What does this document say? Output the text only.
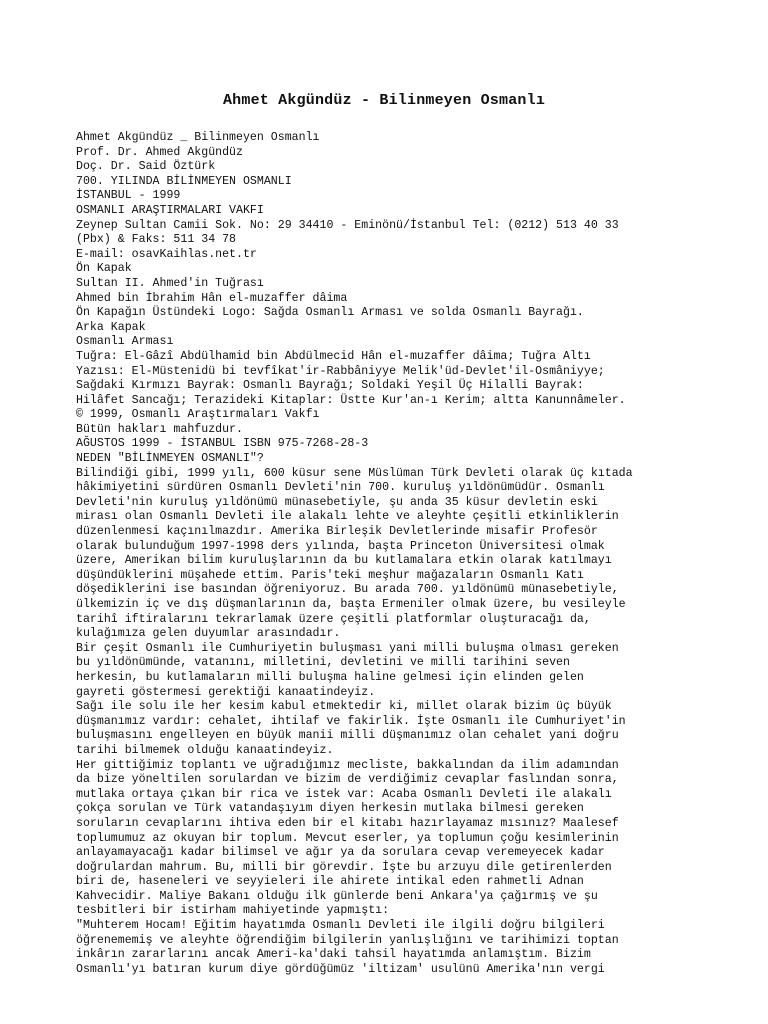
Ahmet Akgündüz - Bilinmeyen Osmanlı
Ahmet Akgündüz _ Bilinmeyen Osmanlı
Prof. Dr. Ahmed Akgündüz
Doç. Dr. Said Öztürk
700. YILINDA BİLİNMEYEN OSMANLI
İSTANBUL - 1999
OSMANLI ARAŞTIRMALARI VAKFI
Zeynep Sultan Camii Sok. No: 29 34410 - Eminönü/İstanbul Tel: (0212) 513 40 33
(Pbx) & Faks: 511 34 78
E-mail: osavKaihlas.net.tr
Ön Kapak
Sultan II. Ahmed'in Tuğrası
Ahmed bin İbrahim Hân el-muzaffer dâima
Ön Kapağın Üstündeki Logo: Sağda Osmanlı Arması ve solda Osmanlı Bayrağı.
Arka Kapak
Osmanlı Arması
Tuğra: El-Gâzî Abdülhamid bin Abdülmecid Hân el-muzaffer dâima; Tuğra Altı
Yazısı: El-Müstenidü bi tevfîkat'ir-Rabbâniyye Melik'üd-Devlet'il-Osmâniyye;
Sağdaki Kırmızı Bayrak: Osmanlı Bayrağı; Soldaki Yeşil Üç Hilalli Bayrak:
Hilâfet Sancağı; Terazideki Kitaplar: Üstte Kur'an-ı Kerim; altta Kanunnâmeler.
© 1999, Osmanlı Araştırmaları Vakfı
Bütün hakları mahfuzdur.
AĞUSTOS 1999 - İSTANBUL ISBN 975-7268-28-3
NEDEN "BİLİNMEYEN OSMANLI"?
Bilindiği gibi, 1999 yılı, 600 küsur sene Müslüman Türk Devleti olarak üç kıtada
hâkimiyetini sürdüren Osmanlı Devleti'nin 700. kuruluş yıldönümüdür. Osmanlı
Devleti'nin kuruluş yıldönümü münasebetiyle, şu anda 35 küsur devletin eski
mirası olan Osmanlı Devleti ile alakalı lehte ve aleyhte çeşitli etkinliklerin
düzenlenmesi kaçınılmazdır. Amerika Birleşik Devletlerinde misafir Profesör
olarak bulunduğum 1997-1998 ders yılında, başta Princeton Üniversitesi olmak
üzere, Amerikan bilim kuruluşlarının da bu kutlamalara etkin olarak katılmayı
düşündüklerini müşahede ettim. Paris'teki meşhur mağazaların Osmanlı Katı
döşediklerini ise basından öğreniyoruz. Bu arada 700. yıldönümü münasebetiyle,
ülkemizin iç ve dış düşmanlarının da, başta Ermeniler olmak üzere, bu vesileyle
tarihî iftiralarını tekrarlamak üzere çeşitli platformlar oluşturacağı da,
kulağımıza gelen duyumlar arasındadır.
Bir çeşit Osmanlı ile Cumhuriyetin buluşması yani milli buluşma olması gereken
bu yıldönümünde, vatanını, milletini, devletini ve milli tarihini seven
herkesin, bu kutlamaların milli buluşma haline gelmesi için elinden gelen
gayreti göstermesi gerektiği kanaatindeyiz.
Sağı ile solu ile her kesim kabul etmektedir ki, millet olarak bizim üç büyük
düşmanımız vardır: cehalet, ihtilaf ve fakirlik. İşte Osmanlı ile Cumhuriyet'in
buluşmasını engelleyen en büyük manii milli düşmanımız olan cehalet yani doğru
tarihi bilmemek olduğu kanaatindeyiz.
Her gittiğimiz toplantı ve uğradığımız mecliste, bakkalından da ilim adamından
da bize yöneltilen sorulardan ve bizim de verdiğimiz cevaplar faslından sonra,
mutlaka ortaya çıkan bir rica ve istek var: Acaba Osmanlı Devleti ile alakalı
çokça sorulan ve Türk vatandaşıyım diyen herkesin mutlaka bilmesi gereken
soruların cevaplarını ihtiva eden bir el kitabı hazırlayamaz mısınız? Maalesef
toplumumuz az okuyan bir toplum. Mevcut eserler, ya toplumun çoğu kesimlerinin
anlayamayacağı kadar bilimsel ve ağır ya da sorulara cevap veremeyecek kadar
doğrulardan mahrum. Bu, milli bir görevdir. İşte bu arzuyu dile getirenlerden
biri de, haseneleri ve seyyieleri ile ahirete intikal eden rahmetli Adnan
Kahvecidir. Maliye Bakanı olduğu ilk günlerde beni Ankara'ya çağırmış ve şu
tesbitleri bir istirham mahiyetinde yapmıştı:
"Muhterem Hocam! Eğitim hayatımda Osmanlı Devleti ile ilgili doğru bilgileri
öğrenememiş ve aleyhte öğrendiğim bilgilerin yanlışlığını ve tarihimizi toptan
inkârın zararlarını ancak Ameri-ka'daki tahsil hayatımda anlamıştım. Bizim
Osmanlı'yı batıran kurum diye gördüğümüz 'iltizam' usulünü Amerika'nın vergi
